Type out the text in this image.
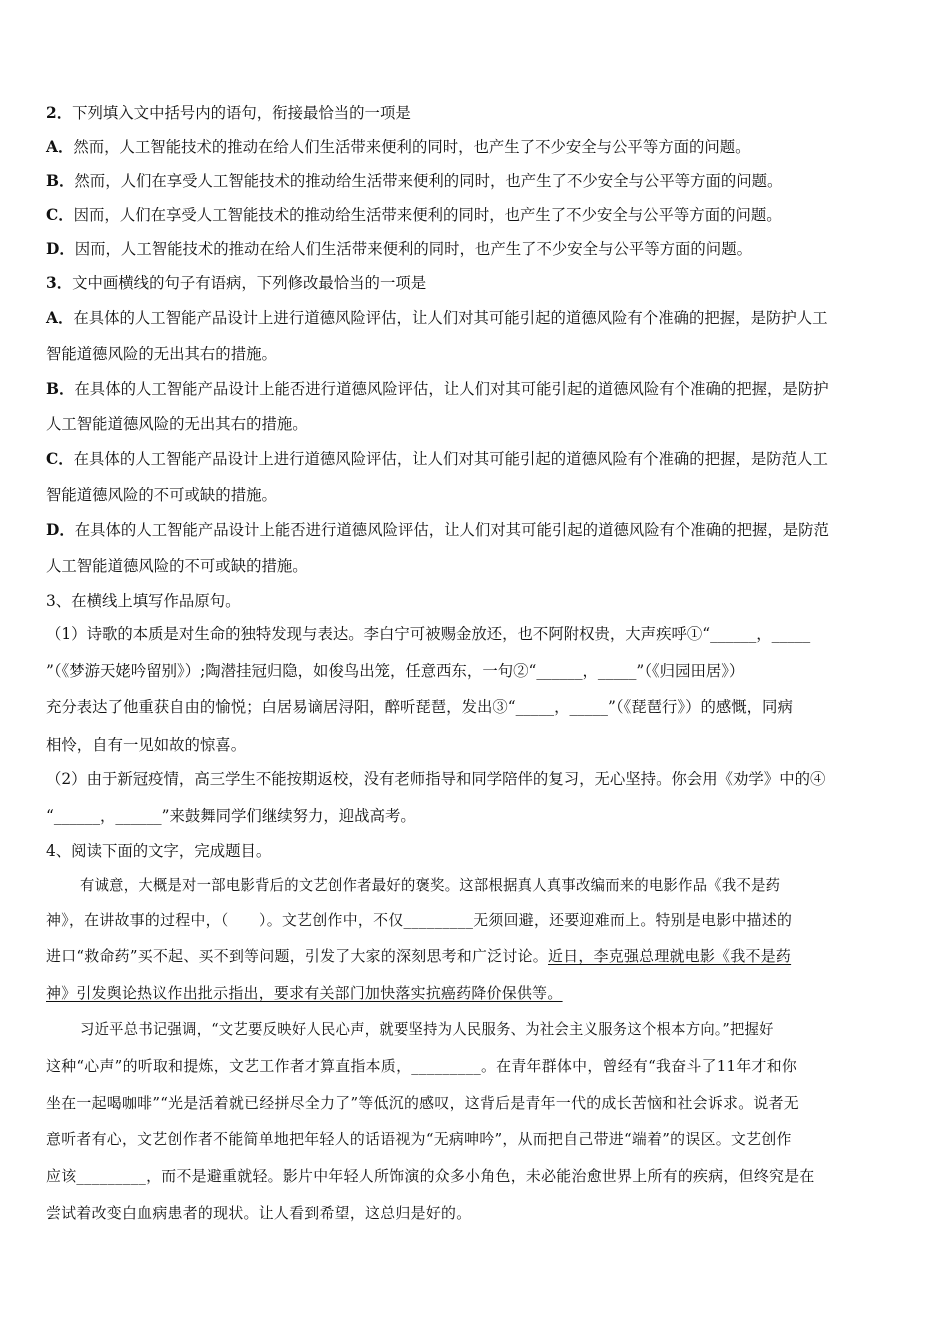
2．下列填入文中括号内的语句，衔接最恰当的一项是
A．然而，人工智能技术的推动在给人们生活带来便利的同时，也产生了不少安全与公平等方面的问题。
B．然而，人们在享受人工智能技术的推动给生活带来便利的同时，也产生了不少安全与公平等方面的问题。
C．因而，人们在享受人工智能技术的推动给生活带来便利的同时，也产生了不少安全与公平等方面的问题。
D．因而，人工智能技术的推动在给人们生活带来便利的同时，也产生了不少安全与公平等方面的问题。
3．文中画横线的句子有语病，下列修改最恰当的一项是
A．在具体的人工智能产品设计上进行道德风险评估，让人们对其可能引起的道德风险有个准确的把握，是防护人工
智能道德风险的无出其右的措施。
B．在具体的人工智能产品设计上能否进行道德风险评估，让人们对其可能引起的道德风险有个准确的把握，是防护
人工智能道德风险的无出其右的措施。
C．在具体的人工智能产品设计上进行道德风险评估，让人们对其可能引起的道德风险有个准确的把握，是防范人工
智能道德风险的不可或缺的措施。
D．在具体的人工智能产品设计上能否进行道德风险评估，让人们对其可能引起的道德风险有个准确的把握，是防范
人工智能道德风险的不可或缺的措施。
3、在横线上填写作品原句。
（1）诗歌的本质是对生命的独特发现与表达。李白宁可被赐金放还，也不阿附权贵，大声疾呼①“______，_____
”（《梦游天姥吟留别》）;陶潜挂冠归隐，如俊鸟出笼，任意西东，一句②“______，_____”（《归园田居》）
充分表达了他重获自由的愉悦；白居易谪居浔阳，醉听琵琶，发出③“_____，_____”（《琵琶行》）的感慨，同病
相怜，自有一见如故的惊喜。
（2）由于新冠疫情，高三学生不能按期返校，没有老师指导和同学陪伴的复习，无心坚持。你会用《劝学》中的④
“______，______”来鼓舞同学们继续努力，迎战高考。
4、阅读下面的文字，完成题目。
有诚意，大概是对一部电影背后的文艺创作者最好的褒奖。这部根据真人真事改编而来的电影作品《我不是药
神》，在讲故事的过程中，（　　）。文艺创作中，不仅_________无须回避，还要迎难而上。特别是电影中描述的
进口“救命药”买不起、买不到等问题，引发了大家的深刻思考和广泛讨论。近日，李克强总理就电影《我不是药
神》引发舆论热议作出批示指出，要求有关部门加快落实抗癌药降价保供等。
习近平总书记强调，“文艺要反映好人民心声，就要坚持为人民服务、为社会主义服务这个根本方向。”把握好
这种“心声”的听取和提炼，文艺工作者才算直指本质，_________。在青年群体中，曾经有“我奋斗了11年才和你
坐在一起喝咖啡”“光是活着就已经拼尽全力了”等低沉的感叹，这背后是青年一代的成长苦恼和社会诉求。说者无
意听者有心，文艺创作者不能简单地把年轻人的话语视为“无病呻吟”，从而把自己带进“端着”的误区。文艺创作
应该_________，而不是避重就轻。影片中年轻人所饰演的众多小角色，未必能治愈世界上所有的疾病，但终究是在
尝试着改变白血病患者的现状。让人看到希望，这总归是好的。
